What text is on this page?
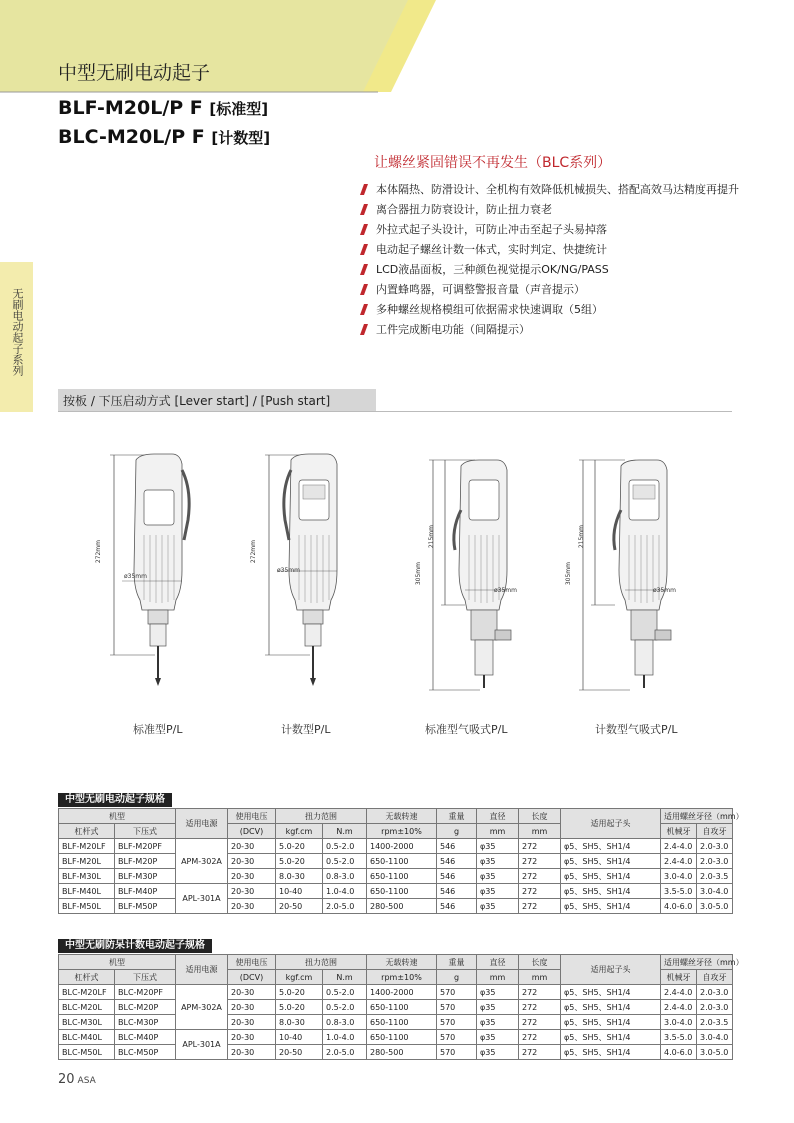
中型无刷电动起子
BLF-M20L/P F [标准型]
BLC-M20L/P F [计数型]
无刷电动起子系列
让螺丝紧固错误不再发生（BLC系列）
本体隔热、防滑设计、全机构有效降低机械损失、搭配高效马达精度再提升
离合器扭力防衰设计，防止扭力衰老
外拉式起子头设计，可防止冲击至起子头易掉落
电动起子螺丝计数一体式，实时判定、快捷统计
LCD液晶面板，三种颜色视觉提示OK/NG/PASS
内置蜂鸣器，可调整警报音量（声音提示）
多种螺丝规格模组可依据需求快速调取（5组）
工件完成断电功能（间隔提示）
按板 / 下压启动方式 [Lever start] / [Push start]
272mm
ø35mm
标准型P/L
272mm
ø35mm
计数型P/L
215mm
305mm
ø35mm
标准型气吸式P/L
215mm
305mm
ø35mm
计数型气吸式P/L
中型无刷电动起子规格
机型		适用电源	使用电压	扭力范围		无载转速	重量	直径	长度	适用起子头	适用螺丝牙径（mm）	
杠杆式	下压式		(DCV)	kgf.cm	N.m	rpm±10%	g	mm	mm		机械牙	自攻牙
BLF-M20LF	BLF-M20PF	APM-302A	20-30	5.0-20	0.5-2.0	1400-2000	546	φ35	272	φ5、SH5、SH1/4	2.4-4.0	2.0-3.0
BLF-M20L	BLF-M20P		20-30	5.0-20	0.5-2.0	650-1100	546	φ35	272	φ5、SH5、SH1/4	2.4-4.0	2.0-3.0
BLF-M30L	BLF-M30P		20-30	8.0-30	0.8-3.0	650-1100	546	φ35	272	φ5、SH5、SH1/4	3.0-4.0	2.0-3.5
BLF-M40L	BLF-M40P	APL-301A	20-30	10-40	1.0-4.0	650-1100	546	φ35	272	φ5、SH5、SH1/4	3.5-5.0	3.0-4.0
BLF-M50L	BLF-M50P		20-30	20-50	2.0-5.0	280-500	546	φ35	272	φ5、SH5、SH1/4	4.0-6.0	3.0-5.0
中型无刷防呆计数电动起子规格
机型		适用电源	使用电压	扭力范围		无载转速	重量	直径	长度	适用起子头	适用螺丝牙径（mm）	
杠杆式	下压式		(DCV)	kgf.cm	N.m	rpm±10%	g	mm	mm		机械牙	自攻牙
BLC-M20LF	BLC-M20PF	APM-302A	20-30	5.0-20	0.5-2.0	1400-2000	570	φ35	272	φ5、SH5、SH1/4	2.4-4.0	2.0-3.0
BLC-M20L	BLC-M20P		20-30	5.0-20	0.5-2.0	650-1100	570	φ35	272	φ5、SH5、SH1/4	2.4-4.0	2.0-3.0
BLC-M30L	BLC-M30P		20-30	8.0-30	0.8-3.0	650-1100	570	φ35	272	φ5、SH5、SH1/4	3.0-4.0	2.0-3.5
BLC-M40L	BLC-M40P	APL-301A	20-30	10-40	1.0-4.0	650-1100	570	φ35	272	φ5、SH5、SH1/4	3.5-5.0	3.0-4.0
BLC-M50L	BLC-M50P		20-30	20-50	2.0-5.0	280-500	570	φ35	272	φ5、SH5、SH1/4	4.0-6.0	3.0-5.0
20 ASA
